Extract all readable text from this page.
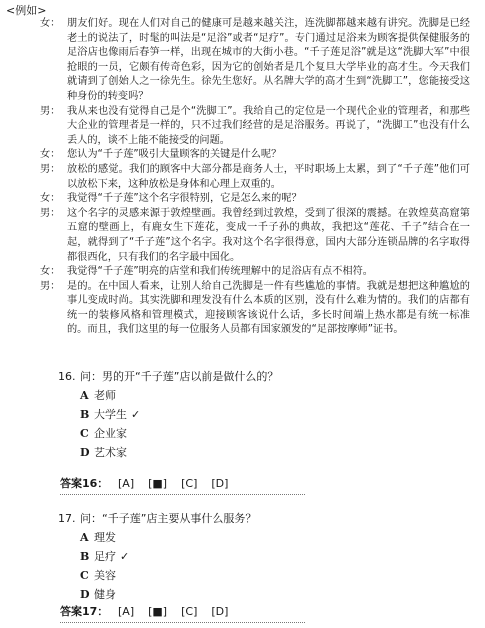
<例如>

女： 朋友们好。现在人们对自己的健康可是越来越关注，连洗脚都越来越有讲究。洗脚是已经老土的说法了，时髦的叫法是“足浴”或者“足疗”。专门通过足浴来为顾客提供保健服务的足浴店也像雨后春笋一样，出现在城市的大街小巷。“千子莲足浴”就是这“洗脚大军”中很抢眼的一员，它颇有传奇色彩，因为它的创始者是几个复旦大学毕业的高才生。今天我们就请到了创始人之一徐先生。徐先生您好。从名牌大学的高才生到“洗脚工”，您能接受这种身份的转变吗？

男： 我从来也没有觉得自己是个“洗脚工”。我给自己的定位是一个现代企业的管理者，和那些大企业的管理者是一样的，只不过我们经营的是足浴服务。再说了，“洗脚工”也没有什么丢人的，谈不上能不能接受的问题。

女： 您认为“千子莲”吸引大量顾客的关键是什么呢？

男： 放松的感觉。我们的顾客中大部分都是商务人士，平时职场上太累，到了“千子莲”他们可以放松下来，这种放松是身体和心理上双重的。

女： 我觉得“千子莲”这个名字很特别，它是怎么来的呢？

男： 这个名字的灵感来源于敦煌壁画。我曾经到过敦煌，受到了很深的震撼。在敦煌莫高窟第五窟的壁画上，有鹿女生下莲花，变成一千子孙的典故，我把这“莲花、千子”结合在一起，就得到了“千子莲”这个名字。我对这个名字很得意，国内大部分连锁品牌的名字取得都很西化，只有我们的名字最中国化。

女： 我觉得“千子莲”明亮的店堂和我们传统理解中的足浴店有点不相符。

男： 是的。在中国人看来，让别人给自己洗脚是一件有些尴尬的事情。我就是想把这种尴尬的事儿变成时尚。其实洗脚和理发没有什么本质的区别，没有什么难为情的。我们的店都有统一的装修风格和管理模式，迎接顾客该说什么话，多长时间端上热水都是有统一标准的。而且，我们这里的每一位服务人员都有国家颁发的“足部按摩师”证书。

16. 问：男的开“千子莲”店以前是做什么的？
A 老师
B 大学生 ✓
C 企业家
D 艺术家
答案16： [A] [■] [C] [D]
17. 问：“千子莲”店主要从事什么服务？
A 理发
B 足疗 ✓
C 美容
D 健身
答案17： [A] [■] [C] [D]
